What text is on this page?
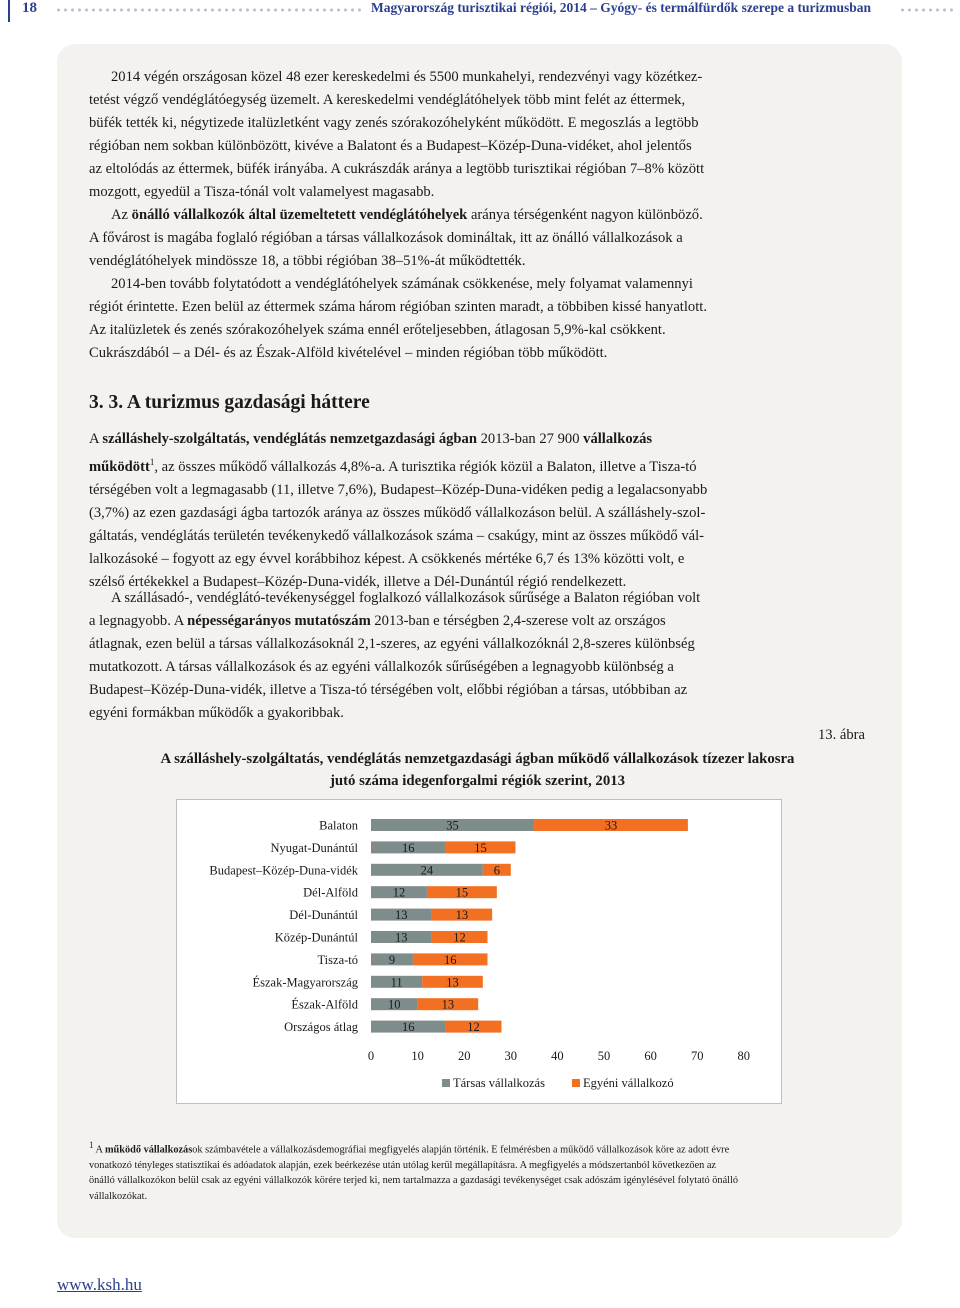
18	Magyarország turisztikai régiói, 2014 – Gyógy- és termálfürdők szerepe a turizmusban
2014 végén országosan közel 48 ezer kereskedelmi és 5500 munkahelyi, rendezvényi vagy közétkez-
tetést végző vendéglátóegység üzemelt. A kereskedelmi vendéglátóhelyek több mint felét az éttermek,
büfék tették ki, négytizede italüzletként vagy zenés szórakozóhelyként működött. E megoszlás a legtöbb
régióban nem sokban különbözött, kivéve a Balatont és a Budapest–Közép-Duna-vidéket, ahol jelentős
az eltolódás az éttermek, büfék irányába. A cukrászdák aránya a legtöbb turisztikai régióban 7–8% között
mozgott, egyedül a Tisza-tónál volt valamelyest magasabb.
Az önálló vállalkozók által üzemeltetett vendéglátóhelyek aránya térségenként nagyon különböző.
A fővárost is magába foglaló régióban a társas vállalkozások domináltak, itt az önálló vállalkozások a
vendéglátóhelyek mindössze 18, a többi régióban 38–51%-át működtették.
2014-ben tovább folytatódott a vendéglátóhelyek számának csökkenése, mely folyamat valamennyi
régiót érintette. Ezen belül az éttermek száma három régióban szinten maradt, a többiben kissé hanyatlott.
Az italüzletek és zenés szórakozóhelyek száma ennél erőteljesebben, átlagosan 5,9%-kal csökkent.
Cukrászdából – a Dél- és az Észak-Alföld kivételével – minden régióban több működött.
3. 3. A turizmus gazdasági háttere
A szálláshely-szolgáltatás, vendéglátás nemzetgazdasági ágban 2013-ban 27 900 vállalkozás
működött$^1$, az összes működő vállalkozás 4,8%-a. A turisztika régiók közül a Balaton, illetve a Tisza-tó
térségében volt a legmagasabb (11, illetve 7,6%), Budapest–Közép-Duna-vidéken pedig a legalacsonyabb
(3,7%) az ezen gazdasági ágba tartozók aránya az összes működő vállalkozáson belül. A szálláshely-szol-
gáltatás, vendéglátás területén tevékenykedő vállalkozások száma – csakúgy, mint az összes működő vál-
lalkozásoké – fogyott az egy évvel korábbihoz képest. A csökkenés mértéke 6,7 és 13% közötti volt, e
szélső értékekkel a Budapest–Közép-Duna-vidék, illetve a Dél-Dunántúl régió rendelkezett.
A szállásadó-, vendéglátó-tevékenységgel foglalkozó vállalkozások sűrűsége a Balaton régióban volt
a legnagyobb. A népességarányos mutatószám 2013-ban e térségben 2,4-szerese volt az országos
átlagnak, ezen belül a társas vállalkozásoknál 2,1-szeres, az egyéni vállalkozóknál 2,8-szeres különbség
mutatkozott. A társas vállalkozások és az egyéni vállalkozók sűrűségében a legnagyobb különbség a
Budapest–Közép-Duna-vidék, illetve a Tisza-tó térségében volt, előbbi régióban a társas, utóbbiban az
egyéni formákban működők a gyakoribbak.
13. ábra
A szálláshely-szolgáltatás, vendéglátás nemzetgazdasági ágban működő vállalkozások tízezer lakosra
jutó száma idegenforgalmi régiók szerint, 2013
Balaton	35	33
Nyugat-Dunántúl	16	15
Budapest–Közép-Duna-vidék	24	6
Dél-Alföld	12	15
Dél-Dunántúl	13	13
Közép-Dunántúl	13	12
Tisza-tó 9	16
Észak-Magyarország	11	13
Észak-Alföld 10	13
Országos átlag	16	12
0	10	20	30	40	50	60	70	80
Társas vállalkozás	Egyéni vállalkozó
$^1$ A működő vállalkozások számbavétele a vállalkozásdemográfiai megfigyelés alapján történik. E felmérésben a működő vállalkozások köre az adott évre
vonatkozó tényleges statisztikai és adóadatok alapján, ezek beérkezése után utólag kerül megállapításra. A megfigyelés a módszertanból következően az
önálló vállalkozókon belül csak az egyéni vállalkozók körére terjed ki, nem tartalmazza a gazdasági tevékenységet csak adószám igénylésével folytató önálló
vállalkozókat.
www.ksh.hu
